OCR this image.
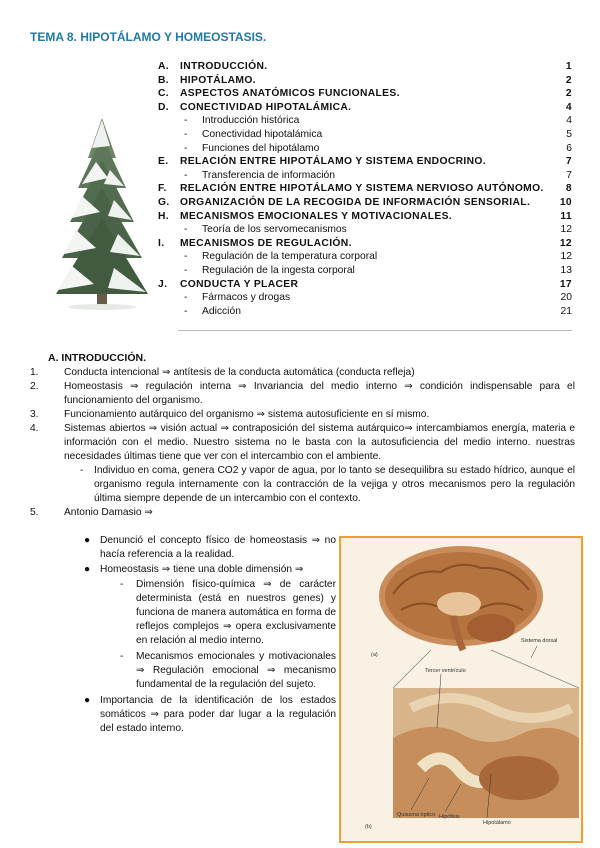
TEMA 8. HIPOTÁLAMO Y HOMEOSTASIS.
A. INTRODUCCIÓN.	1
B. HIPOTÁLAMO.	2
C. ASPECTOS ANATÓMICOS FUNCIONALES.	2
D. CONECTIVIDAD HIPOTALÁMICA.	4
- Introducción histórica	4
- Conectividad hipotalámica	5
- Funciones del hipotálamo	6
E. RELACIÓN ENTRE HIPOTÁLAMO Y SISTEMA ENDOCRINO.	7
- Transferencia de información	7
F. RELACIÓN ENTRE HIPOTÁLAMO Y SISTEMA NERVIOSO AUTÓNOMO. 8
G. ORGANIZACIÓN DE LA RECOGIDA DE INFORMACIÓN SENSORIAL.	10
H. MECANISMOS EMOCIONALES Y MOTIVACIONALES.	11
- Teoría de los servomecanismos	12
I. MECANISMOS DE REGULACIÓN.	12
- Regulación de la temperatura corporal	12
- Regulación de la ingesta corporal	13
J. CONDUCTA Y PLACER	17
- Fármacos y drogas	20
- Adicción	21
A. INTRODUCCIÓN.
1.	Conducta intencional ⇒ antítesis de la conducta automática (conducta refleja)
2.	Homeostasis ⇒ regulación interna ⇒ Invariancia del medio interno ⇒ condición indispensable para el funcionamiento del organismo.
3.	Funcionamiento autárquico del organismo ⇒ sistema autosuficiente en sí mismo.
4.	Sistemas abiertos ⇒ visión actual ⇒ contraposición del sistema autárquico⇒ intercambiamos energía, materia e información con el medio. Nuestro sistema no le basta con la autosuficiencia del medio interno. nuestras necesidades últimas tiene que ver con el intercambio con el ambiente.
- Individuo en coma, genera CO2 y vapor de agua, por lo tanto se desequilibra su estado hídrico, aunque el organismo regula internamente con la contracción de la vejiga y otros mecanismos pero la regulación última siempre depende de un intercambio con el contexto.
5.	Antonio Damasio ⇒
● Denunció el concepto físico de homeostasis ⇒ no hacía referencia a la realidad.
● Homeostasis ⇒ tiene una doble dimensión ⇒
- Dimensión físico-química ⇒ de carácter determinista (está en nuestros genes) y funciona de manera automática en forma de reflejos complejos ⇒ opera exclusivamente en relación al medio interno.
- Mecanismos emocionales y motivacionales ⇒ Regulación emocional ⇒ mecanismo fundamental de la regulación del sujeto.
● Importancia de la identificación de los estados somáticos ⇒ para poder dar lugar a la regulación del estado interno.
(a)
Tercer ventrículo
Sistema dorsal
Quiasma óptico Hipófisis
Hipotálamo
(b)
